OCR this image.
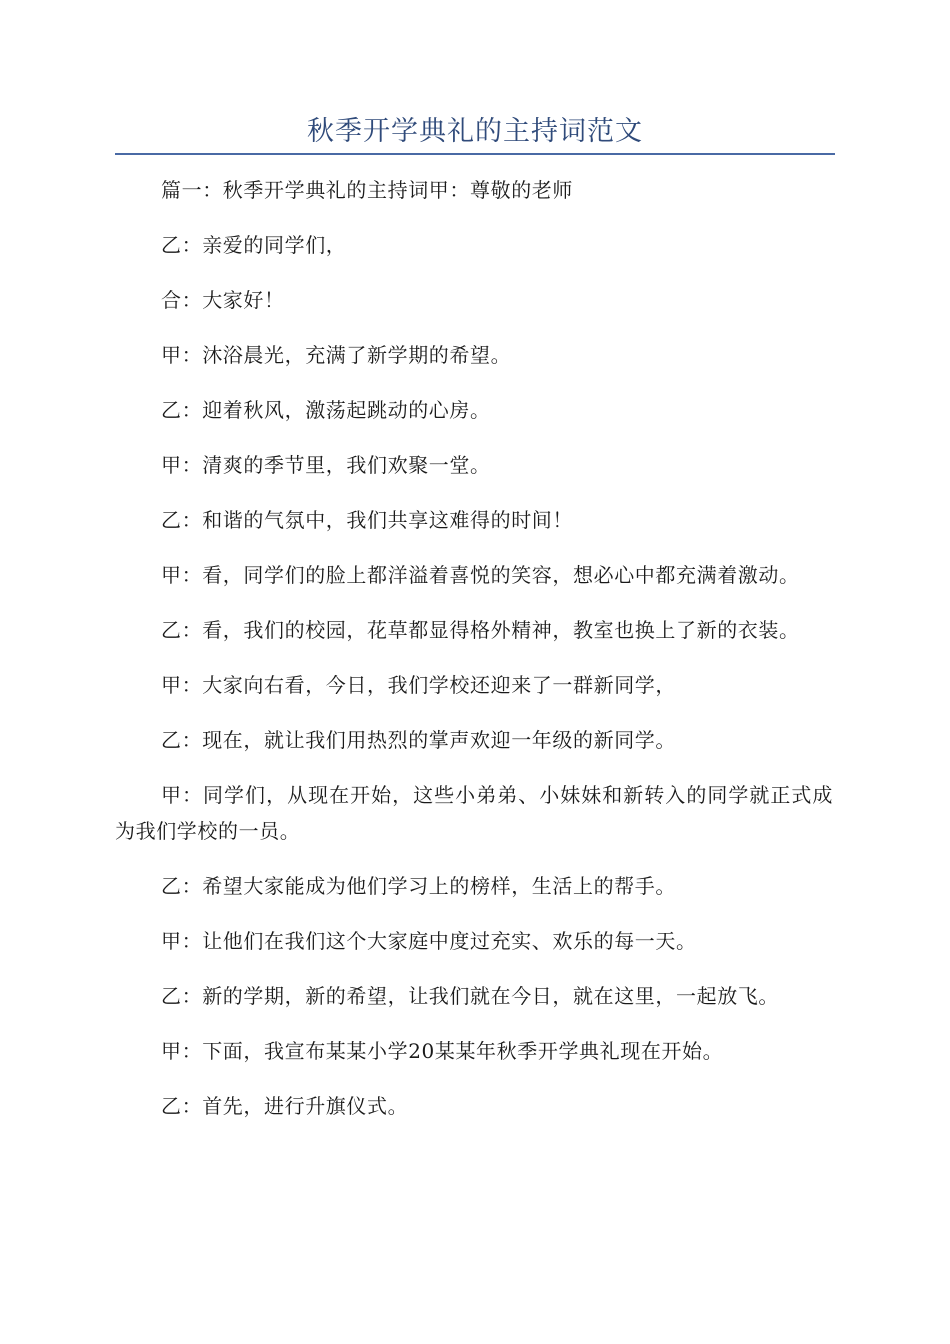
秋季开学典礼的主持词范文

篇一：秋季开学典礼的主持词甲：尊敬的老师

乙：亲爱的同学们，

合：大家好！

甲：沐浴晨光，充满了新学期的希望。

乙：迎着秋风，激荡起跳动的心房。

甲：清爽的季节里，我们欢聚一堂。

乙：和谐的气氛中，我们共享这难得的时间！

甲：看，同学们的脸上都洋溢着喜悦的笑容，想必心中都充满着激动。

乙：看，我们的校园，花草都显得格外精神，教室也换上了新的衣装。

甲：大家向右看，今日，我们学校还迎来了一群新同学，

乙：现在，就让我们用热烈的掌声欢迎一年级的新同学。

甲：同学们，从现在开始，这些小弟弟、小妹妹和新转入的同学就正式成为我们学校的一员。

乙：希望大家能成为他们学习上的榜样，生活上的帮手。

甲：让他们在我们这个大家庭中度过充实、欢乐的每一天。

乙：新的学期，新的希望，让我们就在今日，就在这里，一起放飞。

甲：下面，我宣布某某小学20某某年秋季开学典礼现在开始。

乙：首先，进行升旗仪式。
